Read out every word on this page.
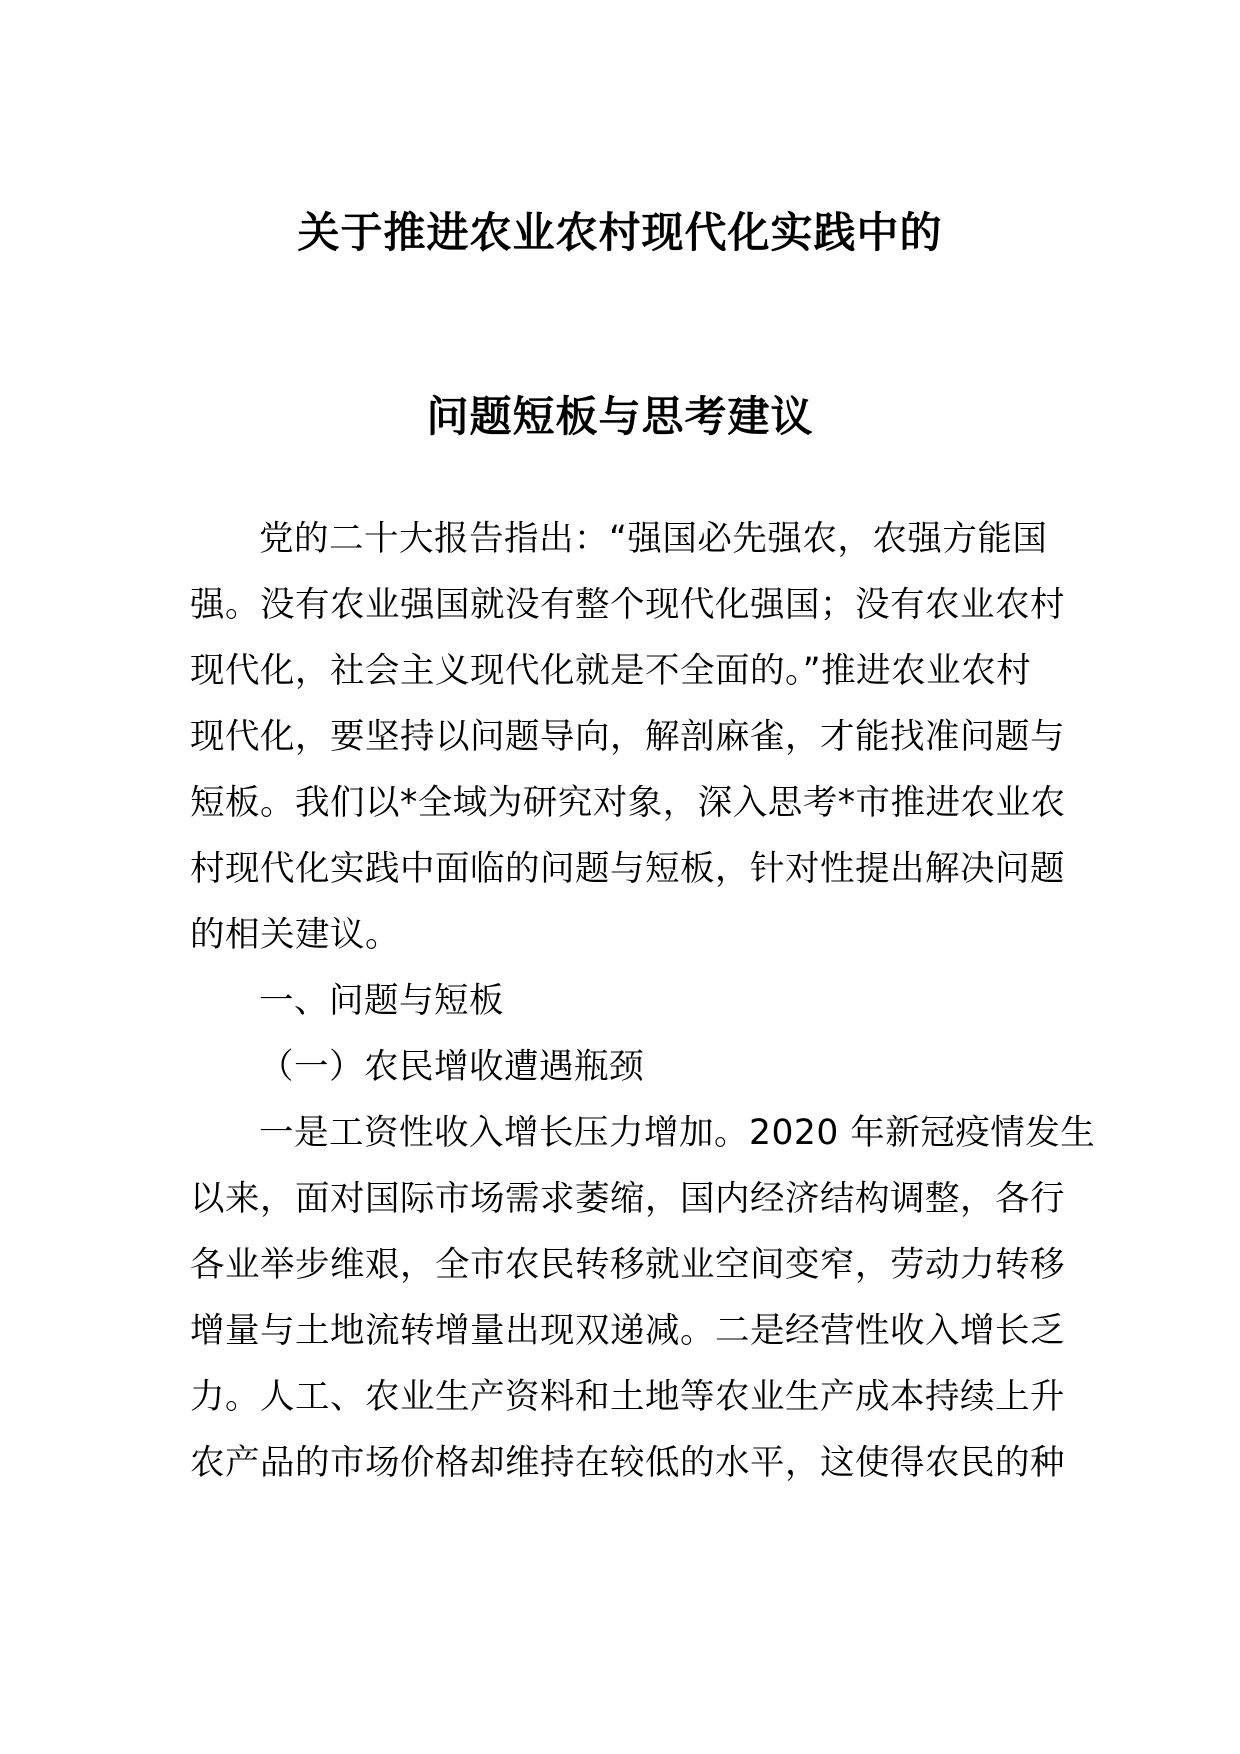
关于推进农业农村现代化实践中的
问题短板与思考建议
党的二十大报告指出：“强国必先强农，农强方能国
强。没有农业强国就没有整个现代化强国；没有农业农村
现代化，社会主义现代化就是不全面的。”推进农业农村
现代化，要坚持以问题导向，解剖麻雀，才能找准问题与
短板。我们以*全域为研究对象，深入思考*市推进农业农
村现代化实践中面临的问题与短板，针对性提出解决问题
的相关建议。
一、问题与短板
（一）农民增收遭遇瓶颈
一是工资性收入增长压力增加。2020 年新冠疫情发生
以来，面对国际市场需求萎缩，国内经济结构调整，各行
各业举步维艰，全市农民转移就业空间变窄，劳动力转移
增量与土地流转增量出现双递减。二是经营性收入增长乏
力。人工、农业生产资料和土地等农业生产成本持续上升
农产品的市场价格却维持在较低的水平，这使得农民的种
